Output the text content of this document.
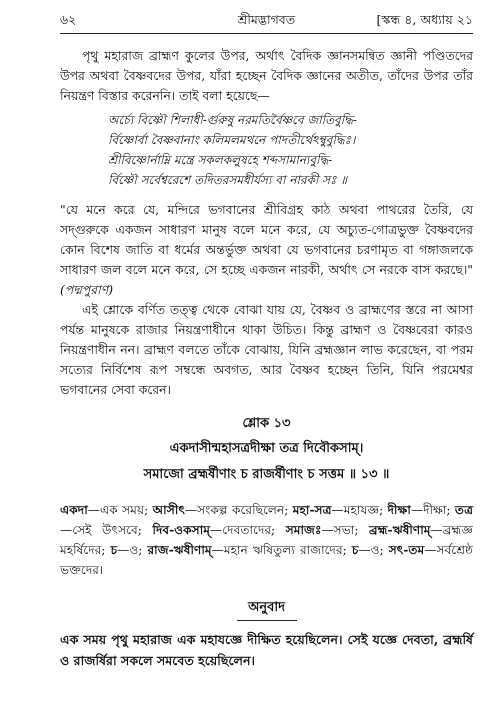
৬২	শ্রীমদ্ভাগবত	[স্কন্ধ ৪, অধ্যায় ২১

পৃথু মহারাজ ব্রাহ্মণ কুলের উপর, অর্থাৎ বৈদিক জ্ঞানসমন্বিত জ্ঞানী পণ্ডিতদের উপর অথবা বৈষ্ণবদের উপর, যাঁরা হচ্ছেন বৈদিক জ্ঞানের অতীত, তাঁদের উপর তাঁর নিয়ন্ত্রণ বিস্তার করেননি। তাই বলা হয়েছে—

অর্চ্যে বিষ্ণৌ শিলাধী-র্গুরুষু নরমতির্বৈষ্ণবে জাতিবুদ্ধি-
র্বিষ্ণোর্বা বৈষ্ণবানাং কলিমলমথনে পাদতীর্থেঽম্বুবুদ্ধিঃ।
শ্রীবিষ্ণোর্নাম্নি মন্ত্রে সকলকলুষহে শব্দসামান্যবুদ্ধি-
র্বিষ্ণৌ সর্বেশ্বরেশে তদিতরসমধীর্যস্য বা নারকী সঃ ॥

"যে মনে করে যে, মন্দিরে ভগবানের শ্রীবিগ্রহ কাঠ অথবা পাথরের তৈরি, যে সদ্গুরুকে একজন সাধারণ মানুষ বলে মনে করে, যে অচ্যুত-গোত্রভুক্ত বৈষ্ণবদের কোন বিশেষ জাতি বা ধর্মের অন্তর্ভুক্ত অথবা যে ভগবানের চরণামৃত বা গঙ্গাজলকে সাধারণ জল বলে মনে করে, সে হচ্ছে একজন নারকী, অর্থাৎ সে নরকে বাস করছে।" (পদ্মপুরাণ)

এই শ্লোকে বর্ণিত তত্ত্ব থেকে বোঝা যায় যে, বৈষ্ণব ও ব্রাহ্মণের স্তরে না আসা পর্যন্ত মানুষকে রাজার নিয়ন্ত্রণাধীনে থাকা উচিত। কিন্তু ব্রাহ্মণ ও বৈষ্ণবেরা কারও নিয়ন্ত্রণাধীন নন। ব্রাহ্মণ বলতে তাঁকে বোঝায়, যিনি ব্রহ্মজ্ঞান লাভ করেছেন, বা পরম সত্যের নির্বিশেষ রূপ সম্বন্ধে অবগত, আর বৈষ্ণব হচ্ছেন তিনি, যিনি পরমেশ্বর ভগবানের সেবা করেন।

শ্লোক ১৩
একদাসীন্মহাসত্রদীক্ষা তত্র দিবৌকসাম্।
সমাজো ব্রহ্মর্ষীণাং চ রাজর্ষীণাং চ সত্তম ॥ ১৩ ॥

একদা—এক সময়; আসীৎ—সংকল্প করেছিলেন; মহা-সত্র—মহাযজ্ঞ; দীক্ষা—দীক্ষা; তত্র—সেই উৎসবে; দিব-ওকসাম্—দেবতাদের; সমাজঃ—সভা; ব্রহ্ম-ঋষীণাম্—ব্রহ্মজ্ঞ মহর্ষিদের; চ—ও; রাজ-ঋষীণাম্—মহান ঋষিতুল্য রাজাদের; চ—ও; সৎ-তম—সর্বশ্রেষ্ঠ ভক্তদের।

অনুবাদ

এক সময় পৃথু মহারাজ এক মহাযজ্ঞে দীক্ষিত হয়েছিলেন। সেই যজ্ঞে দেবতা, ব্রহ্মর্ষি ও রাজর্ষিরা সকলে সমবেত হয়েছিলেন।
